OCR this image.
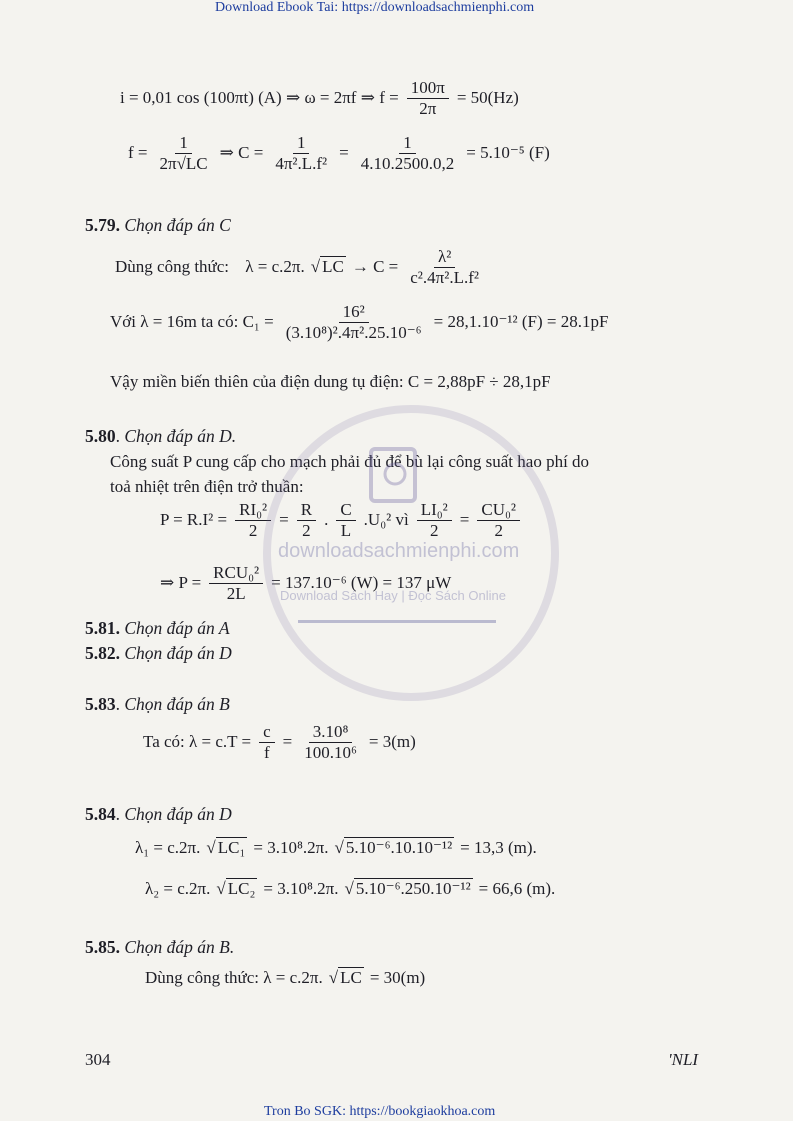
Download Ebook Tai: https://downloadsachmienphi.com
i = 0,01 cos (100πt) (A) ⇒ ω = 2πf ⇒ $f = \frac{100\pi}{2\pi} = 50(Hz)$
$f = \frac{1}{2\pi√LC}$ ⇒ $C = \frac{1}{\text{4π².L.f²}} = \frac{1}{4.10.2500.0,2} = 5.10^{-5}$ (F)
5.79. Chọn đáp án C
Dùng công thức:
λ = c.2π. √ LC → $C = \frac{\text{λ²}}{\text{c².4π².L.f²}}$
Với λ = 16m ta có: $C_1 = \frac{\text{16²}}{\text{(3.10⁸)².4π².25.10⁻⁶}} = 28,1.10^{-12}$ (F) = 28.1pF
Vậy miền biến thiên của điện dung tụ điện: C = 2,88pF ÷ 28,1pF
5.80. Chọn đáp án D.
Công suất P cung cấp cho mạch phải đủ để bù lại công suất hao phí do
toả nhiệt trên điện trở thuần:
$P = R.I^2 = \frac{\text{RI₀²}}{2} = \frac{R}{2}$ .
C
L
.U₀² vì $\frac{\text{LI₀²}}{2} = \frac{\text{CU₀²}}{2}$
⇒ P =
RCU₀²
2L
= 137.10⁻⁶ (W) = 137 μW
5.81. Chọn đáp án A
5.82. Chọn đáp án D
5.83. Chọn đáp án B
Ta có: $\lambda = c.T = \frac{c}{f} = \frac{\text{3.10⁸}}{\text{100.10⁶}} = 3(m)$
5.84. Chọn đáp án D
λ₁ = c.2π. √ LC₁ = 3.10⁸.2π. √ 5.10⁻⁶.10.10⁻¹² = 13,3 (m).
λ₂ = c.2π. √ LC₂ = 3.10⁸.2π. √ 5.10⁻⁶.250.10⁻¹² = 66,6 (m).
5.85. Chọn đáp án B.
Dùng công thức: λ = c.2π. √ LC = 30(m)
downloadsachmienphi.com
Download Sách Hay | Đọc Sách Online
304	'NLI
Tron Bo SGK: https://bookgiaokhoa.com
